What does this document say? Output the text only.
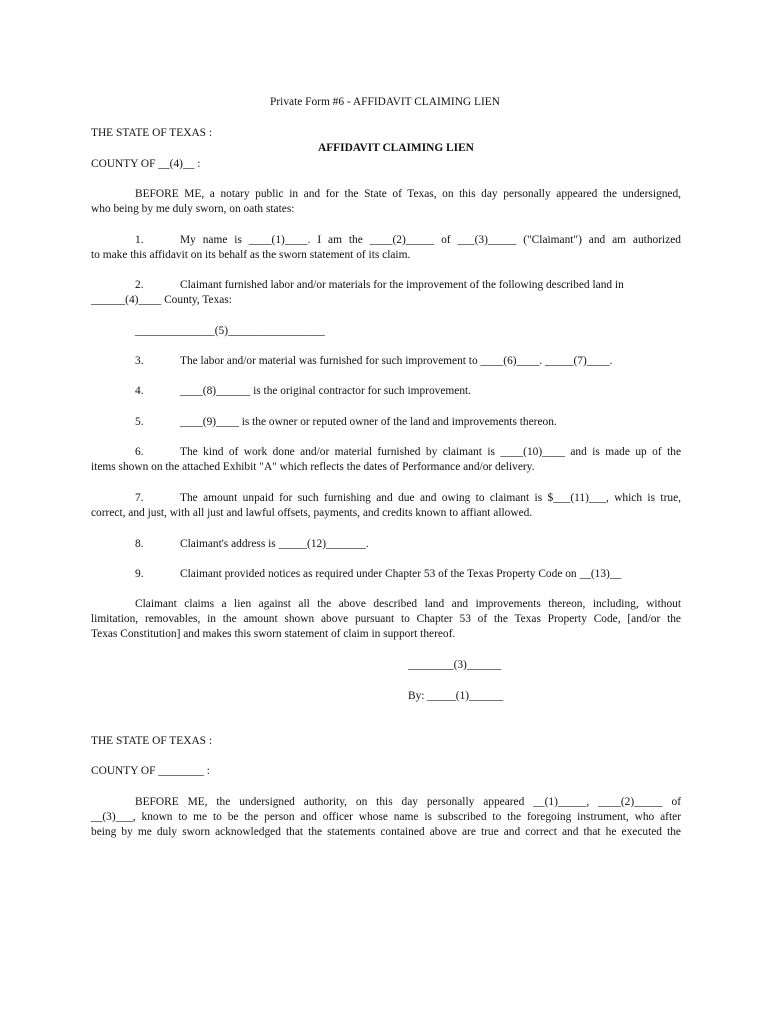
Private Form #6 - AFFIDAVIT CLAIMING LIEN
THE STATE OF TEXAS :
AFFIDAVIT CLAIMING LIEN
COUNTY OF __(4)__ :
BEFORE ME, a notary public in and for the State of Texas, on this day personally appeared the undersigned,
who being by me duly sworn, on oath states:
1.	My name is ____(1)____. I am the ____(2)_____ of ___(3)_____ ("Claimant") and am authorized
to make this affidavit on its behalf as the sworn statement of its claim.
2.	Claimant furnished labor and/or materials for the improvement of the following described land in
______(4)____ County, Texas:
______________(5)_________________
3.	The labor and/or material was furnished for such improvement to ____(6)____. _____(7)____.
4.	____(8)______ is the original contractor for such improvement.
5.	____(9)____ is the owner or reputed owner of the land and improvements thereon.
6.	The kind of work done and/or material furnished by claimant is ____(10)____ and is made up of the
items shown on the attached Exhibit "A" which reflects the dates of Performance and/or delivery.
7.	The amount unpaid for such furnishing and due and owing to claimant is $___(11)___, which is true,
correct, and just, with all just and lawful offsets, payments, and credits known to affiant allowed.
8.	Claimant's address is _____(12)_______.
9.	Claimant provided notices as required under Chapter 53 of the Texas Property Code on __(13)__
Claimant claims a lien against all the above described land and improvements thereon, including, without
limitation, removables, in the amount shown above pursuant to Chapter 53 of the Texas Property Code, [and/or the
Texas Constitution] and makes this sworn statement of claim in support thereof.
________(3)______
By: _____(1)______
THE STATE OF TEXAS :
COUNTY OF ________ :
BEFORE ME, the undersigned authority, on this day personally appeared __(1)_____, ____(2)_____ of
__(3)___, known to me to be the person and officer whose name is subscribed to the foregoing instrument, who after
being by me duly sworn acknowledged that the statements contained above are true and correct and that he executed the
